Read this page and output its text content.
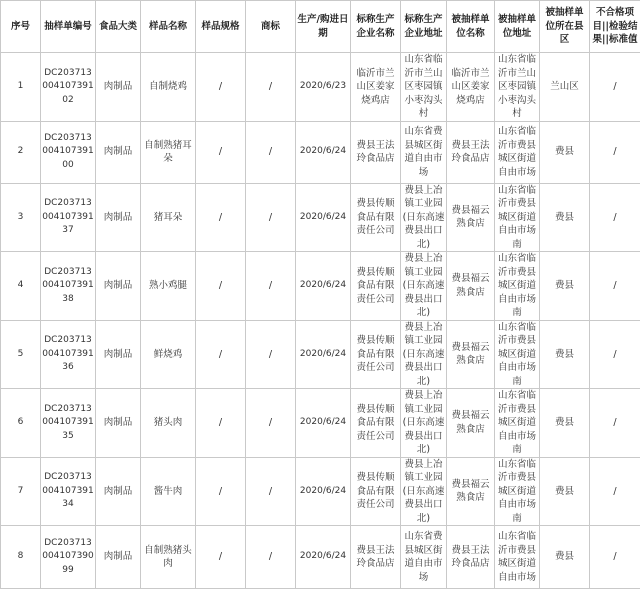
序号	抽样单编号	食品大类	样品名称	样品规格	商标	生产/购进日期	标称生产企业名称	标称生产企业地址	被抽样单位名称	被抽样单位地址	被抽样单位所在县区	不合格项目||检验结果||标准值
1	DC20371300410739102	肉制品	自制烧鸡	/	/	2020/6/23	临沂市兰山区姜家烧鸡店	山东省临沂市兰山区枣园镇小枣沟头村	临沂市兰山区姜家烧鸡店	山东省临沂市兰山区枣园镇小枣沟头村	兰山区	/
2	DC20371300410739100	肉制品	自制熟猪耳朵	/	/	2020/6/24	费县王法玲食品店	山东省费县城区街道自由市场	费县王法玲食品店	山东省临沂市费县城区街道自由市场	费县	/
3	DC20371300410739137	肉制品	猪耳朵	/	/	2020/6/24	费县传顺食品有限责任公司	费县上冶镇工业园(日东高速费县出口北)	费县福云熟食店	山东省临沂市费县城区街道自由市场南	费县	/
4	DC20371300410739138	肉制品	熟小鸡腿	/	/	2020/6/24	费县传顺食品有限责任公司	费县上冶镇工业园(日东高速费县出口北)	费县福云熟食店	山东省临沂市费县城区街道自由市场南	费县	/
5	DC20371300410739136	肉制品	鲜烧鸡	/	/	2020/6/24	费县传顺食品有限责任公司	费县上冶镇工业园(日东高速费县出口北)	费县福云熟食店	山东省临沂市费县城区街道自由市场南	费县	/
6	DC20371300410739135	肉制品	猪头肉	/	/	2020/6/24	费县传顺食品有限责任公司	费县上冶镇工业园(日东高速费县出口北)	费县福云熟食店	山东省临沂市费县城区街道自由市场南	费县	/
7	DC20371300410739134	肉制品	酱牛肉	/	/	2020/6/24	费县传顺食品有限责任公司	费县上冶镇工业园(日东高速费县出口北)	费县福云熟食店	山东省临沂市费县城区街道自由市场南	费县	/
8	DC20371300410739099	肉制品	自制熟猪头肉	/	/	2020/6/24	费县王法玲食品店	山东省费县城区街道自由市场	费县王法玲食品店	山东省临沂市费县城区街道自由市场	费县	/
